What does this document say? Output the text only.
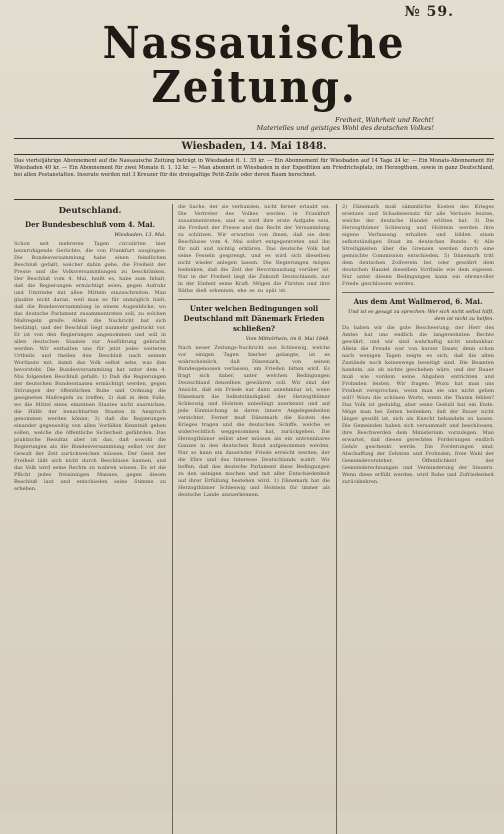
№ 59.
Nassauische Zeitung.
Freiheit, Wahrheit und Recht!
Materielles und geistiges Wohl des deutschen Volkes!
Wiesbaden, 14. Mai 1848.
Das vierteljährige Abonnement auf die Nassauische Zeitung beträgt in Wiesbaden fl. 1. 35 kr. — Ein Abonnement für Wiesbaden auf 14 Tage 24 kr. — Ein Monats-Abonnement für Wiesbaden 40 kr. — Ein Abonnement für zwei Monate fl. 1. 12 kr. — Man abonnirt in Wiesbaden in der Expedition am Friedrichsplatz, im Herzogthum, sowie in ganz Deutschland, bei allen Postanstalten. Inserate werden mit 3 Kreuzer für die dreispaltige Petit-Zeile oder deren Raum berechnet.
Deutschland.
Der Bundesbeschluß vom 4. Mai.
Wiesbaden, 13. Mai.
Schon seit mehreren Tagen circulirten hier beunruhigende Gerüchte, die von Frankfurt ausgingen: Die Bundesversammlung habe einen feindlichen Beschluß gefaßt, welcher dahin gehe, die Freiheit der Presse und die Volksversammlungen zu beschränken. Der Beschluß vom 4. Mai, heißt es, habe zum Inhalt, daß die Regierungen ermächtigt seien, gegen Aufruhr und Umtriebe mit allen Mitteln einzuschreiten. Man glaubte nicht daran, weil man es für unmöglich hielt, daß die Bundesversammlung in einem Augenblicke, wo das deutsche Parlament zusammentreten soll, zu solchen Maßregeln greife. Allein die Nachricht hat sich bestätigt, und der Beschluß liegt nunmehr gedruckt vor. Er ist von den Regierungen angenommen und soll in allen deutschen Staaten zur Ausführung gebracht werden. Wir enthalten uns für jetzt jedes weiteren Urtheils und theilen den Beschluß nach seinem Wortlaute mit, damit das Volk selbst sehe, was ihm bevorsteht. Die Bundesversammlung hat unter dem 4. Mai folgenden Beschluß gefaßt: 1) Daß die Regierungen der deutschen Bundesstaaten ermächtigt werden, gegen Störungen der öffentlichen Ruhe und Ordnung die geeigneten Maßregeln zu treffen; 2) daß in dem Falle, wo die Mittel eines einzelnen Staates nicht ausreichen, die Hülfe der benachbarten Staaten in Anspruch genommen werden könne; 3) daß die Regierungen einander gegenseitig von allen Vorfällen Kenntniß geben sollen, welche die öffentliche Sicherheit gefährden. Das praktische Resultat aber ist das, daß sowohl die Regierungen als die Bundesversammlung selbst vor der Gewalt der Zeit zurückweichen müssen. Der Geist der Freiheit läßt sich nicht durch Beschlüsse bannen, und das Volk wird seine Rechte zu wahren wissen. Es ist die Pflicht jedes freisinnigen Mannes, gegen diesen Beschluß laut und entschieden seine Stimme zu erheben.
die Sache, der sie verbunden, nicht ferner erlaubt sei. Die Vertreter des Volkes werden in Frankfurt zusammentreten, und es wird ihre erste Aufgabe sein, die Freiheit der Presse und das Recht der Versammlung zu schützen. Wir erwarten von ihnen, daß sie dem Beschlusse vom 4. Mai sofort entgegentreten und ihn für null und nichtig erklären. Das deutsche Volk hat seine Fesseln gesprengt, und es wird sich dieselben nicht wieder anlegen lassen. Die Regierungen mögen bedenken, daß die Zeit der Bevormundung vorüber ist. Nur in der Freiheit liegt die Zukunft Deutschlands, nur in der Einheit seine Kraft. Mögen die Fürsten und ihre Räthe dieß erkennen, ehe es zu spät ist.
Unter welchen Bedingungen soll Deutschland mit Dänemark Frieden schließen?
Vom Mittelrhein, im 8. Mai 1848.
Nach neuer Zeitungs-Nachricht aus Schleswig, welche vor einigen Tagen hierher gelangte, ist es wahrscheinlich, daß Dänemark, von seinen Bundesgenossen verlassen, um Frieden bitten wird. Es fragt sich daher, unter welchen Bedingungen Deutschland denselben gewähren soll. Wir sind der Ansicht, daß ein Friede nur dann annehmbar ist, wenn Dänemark die Selbstständigkeit der Herzogthümer Schleswig und Holstein unbedingt anerkennt und auf jede Einmischung in deren innere Angelegenheiten verzichtet. Ferner muß Dänemark die Kosten des Krieges tragen und die deutschen Schiffe, welche es widerrechtlich weggenommen hat, zurückgeben. Die Herzogthümer selbst aber müssen als ein untrennbares Ganzes in den deutschen Bund aufgenommen werden. Nur so kann ein dauernder Friede erreicht werden, der die Ehre und das Interesse Deutschlands wahrt. Wir hoffen, daß das deutsche Parlament diese Bedingungen zu den seinigen machen und mit aller Entschiedenheit auf ihrer Erfüllung bestehen wird. 1) Dänemark hat die Herzogthümer Schleswig und Holstein für immer als deutsche Lande anzuerkennen.
2) Dänemark muß sämmtliche Kosten des Krieges ersetzen und Schadenersatz für alle Verluste leisten, welche der deutsche Handel erlitten hat. 3) Die Herzogthümer Schleswig und Holstein werden ihre eigene Verfassung erhalten und bilden einen selbstständigen Staat im deutschen Bunde. 4) Alle Streitigkeiten über die Grenzen werden durch eine gemischte Commission entschieden. 5) Dänemark tritt dem deutschen Zollverein bei oder gewährt dem deutschen Handel dieselben Vortheile wie dem eigenen. Nur unter diesen Bedingungen kann ein ehrenvoller Friede geschlossen werden.
Aus dem Amt Wallmerod, 6. Mai.
Und ist es gesagt zu sprechen: Wer sich nicht selbst hilft, dem ist nicht zu helfen.
Da haben wir die gute Bescheerung; der Herr des Amtes hat uns endlich die langersehnten Rechte gewährt, und wir sind wahrhaftig nicht undankbar. Allein die Freude war von kurzer Dauer, denn schon nach wenigen Tagen zeigte es sich, daß die alten Zustände noch keineswegs beseitigt sind. Die Beamten handeln, als ob nichts geschehen wäre, und der Bauer muß wie vordem seine Abgaben entrichten und Frohnden leisten. Wir fragen: Wozu hat man uns Freiheit versprochen, wenn man sie uns nicht geben will? Wozu die schönen Worte, wenn die Thaten fehlen? Das Volk ist geduldig, aber seine Geduld hat ein Ende. Möge man bei Zeiten bedenken, daß der Bauer nicht länger gewillt ist, sich als Knecht behandeln zu lassen. Die Gemeinden haben sich versammelt und beschlossen, ihre Beschwerden dem Ministerium vorzulegen. Man erwartet, daß diesen gerechten Forderungen endlich Gehör geschenkt werde. Die Forderungen sind: Abschaffung der Zehnten und Frohnden, freie Wahl der Gemeindevorsteher, Öffentlichkeit der Gemeinderechnungen und Verminderung der Steuern. Wenn diese erfüllt werden, wird Ruhe und Zufriedenheit zurückkehren.
